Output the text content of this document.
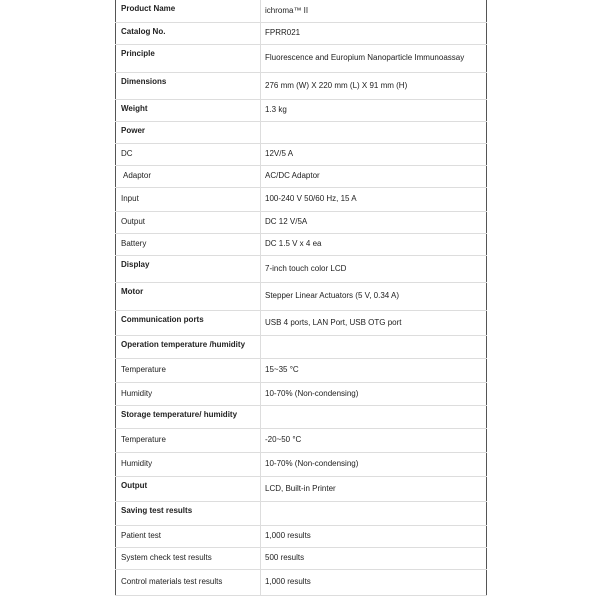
Product Name	ichroma™ II
Catalog No.	FPRR021
Principle	Fluorescence and Europium Nanoparticle Immunoassay
Dimensions	276 mm (W) X 220 mm (L) X 91 mm (H)
Weight	1.3 kg
Power	
DC	12V/5 A
Adaptor	AC/DC Adaptor
Input	100-240 V 50/60 Hz, 15 A
Output	DC 12 V/5A
Battery	DC 1.5 V x 4 ea
Display	7-inch touch color LCD
Motor	Stepper Linear Actuators (5 V, 0.34 A)
Communication ports	USB 4 ports, LAN Port, USB OTG port
Operation temperature /humidity	
Temperature	15~35 °C
Humidity	10-70% (Non-condensing)
Storage temperature/ humidity	
Temperature	-20~50 °C
Humidity	10-70% (Non-condensing)
Output	LCD, Built-in Printer
Saving test results	
Patient test	1,000 results
System check test results	500 results
Control materials test results	1,000 results
